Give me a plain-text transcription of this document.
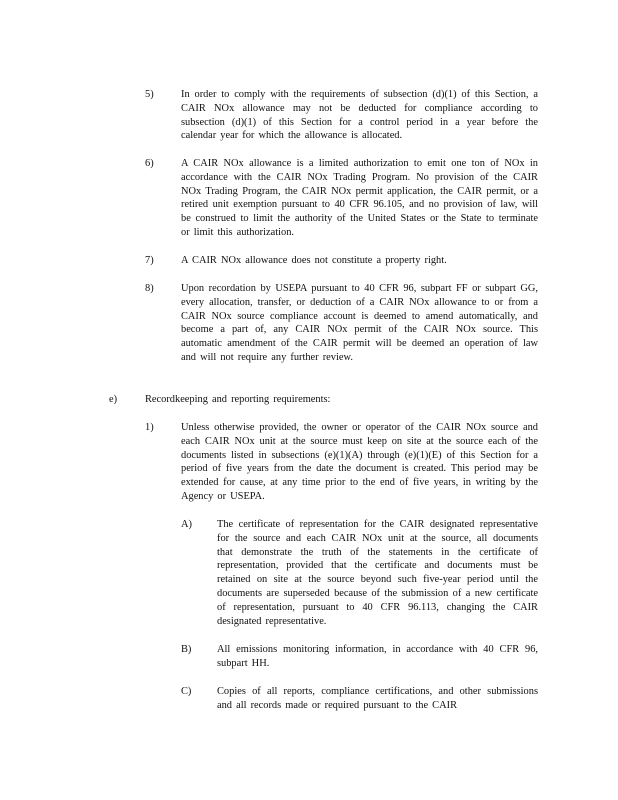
5)	In order to comply with the requirements of subsection (d)(1) of this Section, a CAIR NOx allowance may not be deducted for compliance according to subsection (d)(1) of this Section for a control period in a year before the calendar year for which the allowance is allocated.
6)	A CAIR NOx allowance is a limited authorization to emit one ton of NOx in accordance with the CAIR NOx Trading Program. No provision of the CAIR NOx Trading Program, the CAIR NOx permit application, the CAIR permit, or a retired unit exemption pursuant to 40 CFR 96.105, and no provision of law, will be construed to limit the authority of the United States or the State to terminate or limit this authorization.
7)	A CAIR NOx allowance does not constitute a property right.
8)	Upon recordation by USEPA pursuant to 40 CFR 96, subpart FF or subpart GG, every allocation, transfer, or deduction of a CAIR NOx allowance to or from a CAIR NOx source compliance account is deemed to amend automatically, and become a part of, any CAIR NOx permit of the CAIR NOx source. This automatic amendment of the CAIR permit will be deemed an operation of law and will not require any further review.
e)	Recordkeeping and reporting requirements:
1)	Unless otherwise provided, the owner or operator of the CAIR NOx source and each CAIR NOx unit at the source must keep on site at the source each of the documents listed in subsections (e)(1)(A) through (e)(1)(E) of this Section for a period of five years from the date the document is created. This period may be extended for cause, at any time prior to the end of five years, in writing by the Agency or USEPA.
A) The certificate of representation for the CAIR designated representative for the source and each CAIR NOx unit at the source, all documents that demonstrate the truth of the statements in the certificate of representation, provided that the certificate and documents must be retained on site at the source beyond such five-year period until the documents are superseded because of the submission of a new certificate of representation, pursuant to 40 CFR 96.113, changing the CAIR designated representative.
B) All emissions monitoring information, in accordance with 40 CFR 96, subpart HH.
C) Copies of all reports, compliance certifications, and other submissions and all records made or required pursuant to the CAIR
